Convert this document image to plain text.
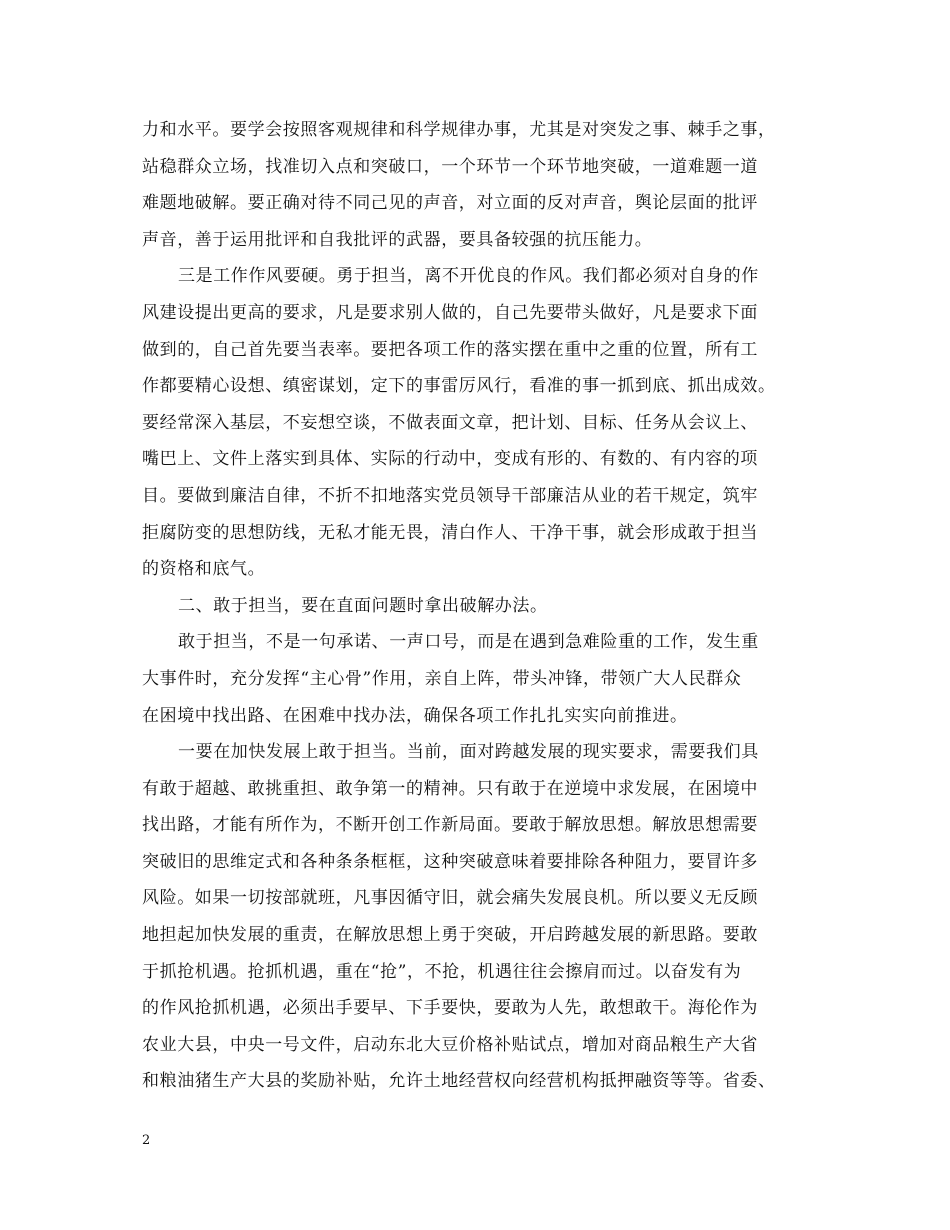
力和水平。要学会按照客观规律和科学规律办事，尤其是对突发之事、棘手之事，
站稳群众立场，找准切入点和突破口，一个环节一个环节地突破，一道难题一道
难题地破解。要正确对待不同己见的声音，对立面的反对声音，舆论层面的批评
声音，善于运用批评和自我批评的武器，要具备较强的抗压能力。
三是工作作风要硬。勇于担当，离不开优良的作风。我们都必须对自身的作
风建设提出更高的要求，凡是要求别人做的，自己先要带头做好，凡是要求下面
做到的，自己首先要当表率。要把各项工作的落实摆在重中之重的位置，所有工
作都要精心设想、缜密谋划，定下的事雷厉风行，看准的事一抓到底、抓出成效。
要经常深入基层，不妄想空谈，不做表面文章，把计划、目标、任务从会议上、
嘴巴上、文件上落实到具体、实际的行动中，变成有形的、有数的、有内容的项
目。要做到廉洁自律，不折不扣地落实党员领导干部廉洁从业的若干规定，筑牢
拒腐防变的思想防线，无私才能无畏，清白作人、干净干事，就会形成敢于担当
的资格和底气。
二、敢于担当，要在直面问题时拿出破解办法。
敢于担当，不是一句承诺、一声口号，而是在遇到急难险重的工作，发生重
大事件时，充分发挥“主心骨”作用，亲自上阵，带头冲锋，带领广大人民群众
在困境中找出路、在困难中找办法，确保各项工作扎扎实实向前推进。
一要在加快发展上敢于担当。当前，面对跨越发展的现实要求，需要我们具
有敢于超越、敢挑重担、敢争第一的精神。只有敢于在逆境中求发展，在困境中
找出路，才能有所作为，不断开创工作新局面。要敢于解放思想。解放思想需要
突破旧的思维定式和各种条条框框，这种突破意味着要排除各种阻力，要冒许多
风险。如果一切按部就班，凡事因循守旧，就会痛失发展良机。所以要义无反顾
地担起加快发展的重责，在解放思想上勇于突破，开启跨越发展的新思路。要敢
于抓抢机遇。抢抓机遇，重在“抢”，不抢，机遇往往会擦肩而过。以奋发有为
的作风抢抓机遇，必须出手要早、下手要快，要敢为人先，敢想敢干。海伦作为
农业大县，中央一号文件，启动东北大豆价格补贴试点，增加对商品粮生产大省
和粮油猪生产大县的奖励补贴，允许土地经营权向经营机构抵押融资等等。省委、
2
